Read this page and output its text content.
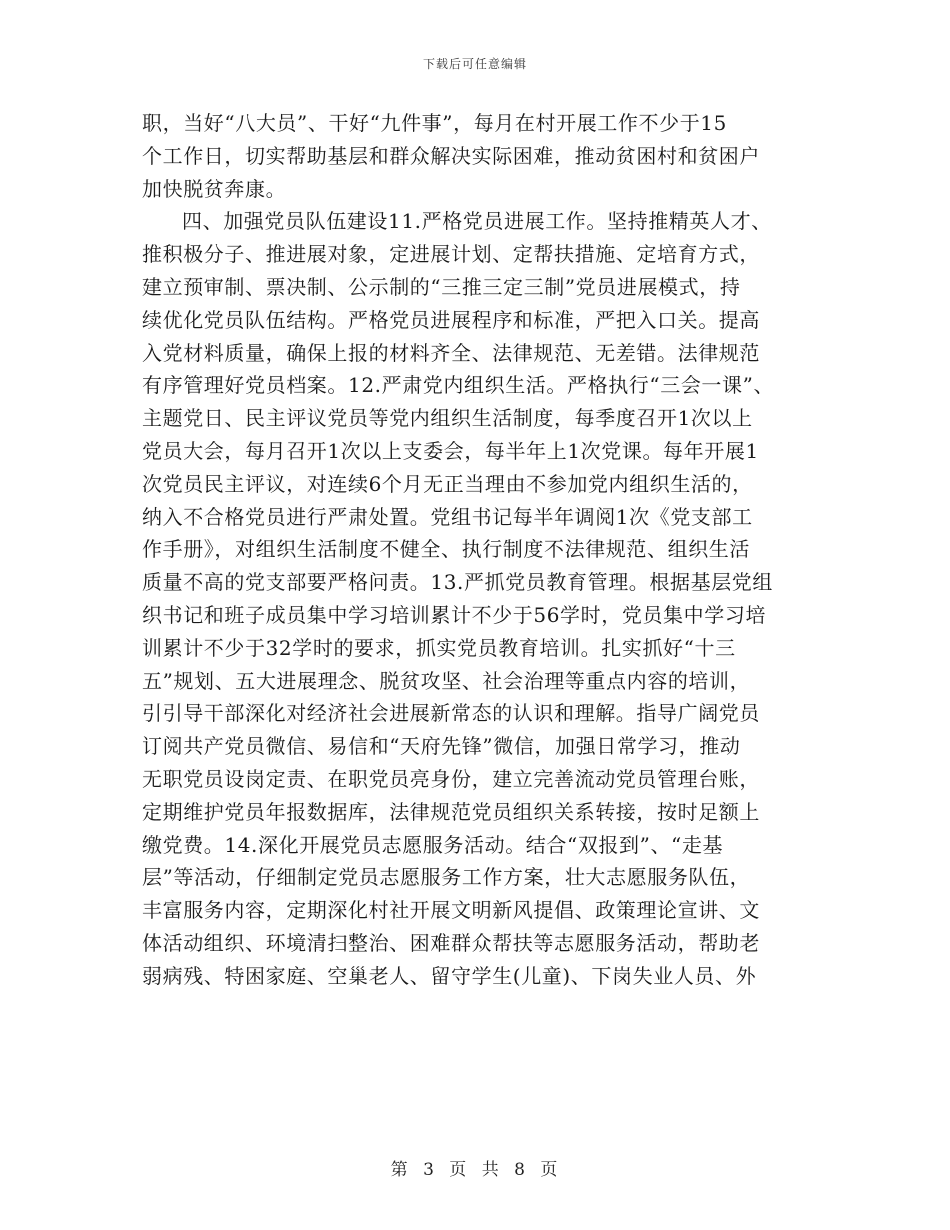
下载后可任意编辑
职，当好“八大员”、干好“九件事”，每月在村开展工作不少于15
个工作日，切实帮助基层和群众解决实际困难，推动贫困村和贫困户
加快脱贫奔康。
四、加强党员队伍建设11.严格党员进展工作。坚持推精英人才、
推积极分子、推进展对象，定进展计划、定帮扶措施、定培育方式，
建立预审制、票决制、公示制的“三推三定三制”党员进展模式，持
续优化党员队伍结构。严格党员进展程序和标准，严把入口关。提高
入党材料质量，确保上报的材料齐全、法律规范、无差错。法律规范
有序管理好党员档案。12.严肃党内组织生活。严格执行“三会一课”、
主题党日、民主评议党员等党内组织生活制度，每季度召开1次以上
党员大会，每月召开1次以上支委会，每半年上1次党课。每年开展1
次党员民主评议，对连续6个月无正当理由不参加党内组织生活的，
纳入不合格党员进行严肃处置。党组书记每半年调阅1次《党支部工
作手册》，对组织生活制度不健全、执行制度不法律规范、组织生活
质量不高的党支部要严格问责。13.严抓党员教育管理。根据基层党组
织书记和班子成员集中学习培训累计不少于56学时，党员集中学习培
训累计不少于32学时的要求，抓实党员教育培训。扎实抓好“十三
五”规划、五大进展理念、脱贫攻坚、社会治理等重点内容的培训，
引引导干部深化对经济社会进展新常态的认识和理解。指导广阔党员
订阅共产党员微信、易信和“天府先锋”微信，加强日常学习，推动
无职党员设岗定责、在职党员亮身份，建立完善流动党员管理台账，
定期维护党员年报数据库，法律规范党员组织关系转接，按时足额上
缴党费。14.深化开展党员志愿服务活动。结合“双报到”、“走基
层”等活动，仔细制定党员志愿服务工作方案，壮大志愿服务队伍，
丰富服务内容，定期深化村社开展文明新风提倡、政策理论宣讲、文
体活动组织、环境清扫整治、困难群众帮扶等志愿服务活动，帮助老
弱病残、特困家庭、空巢老人、留守学生(儿童)、下岗失业人员、外
第 3 页 共 8 页
